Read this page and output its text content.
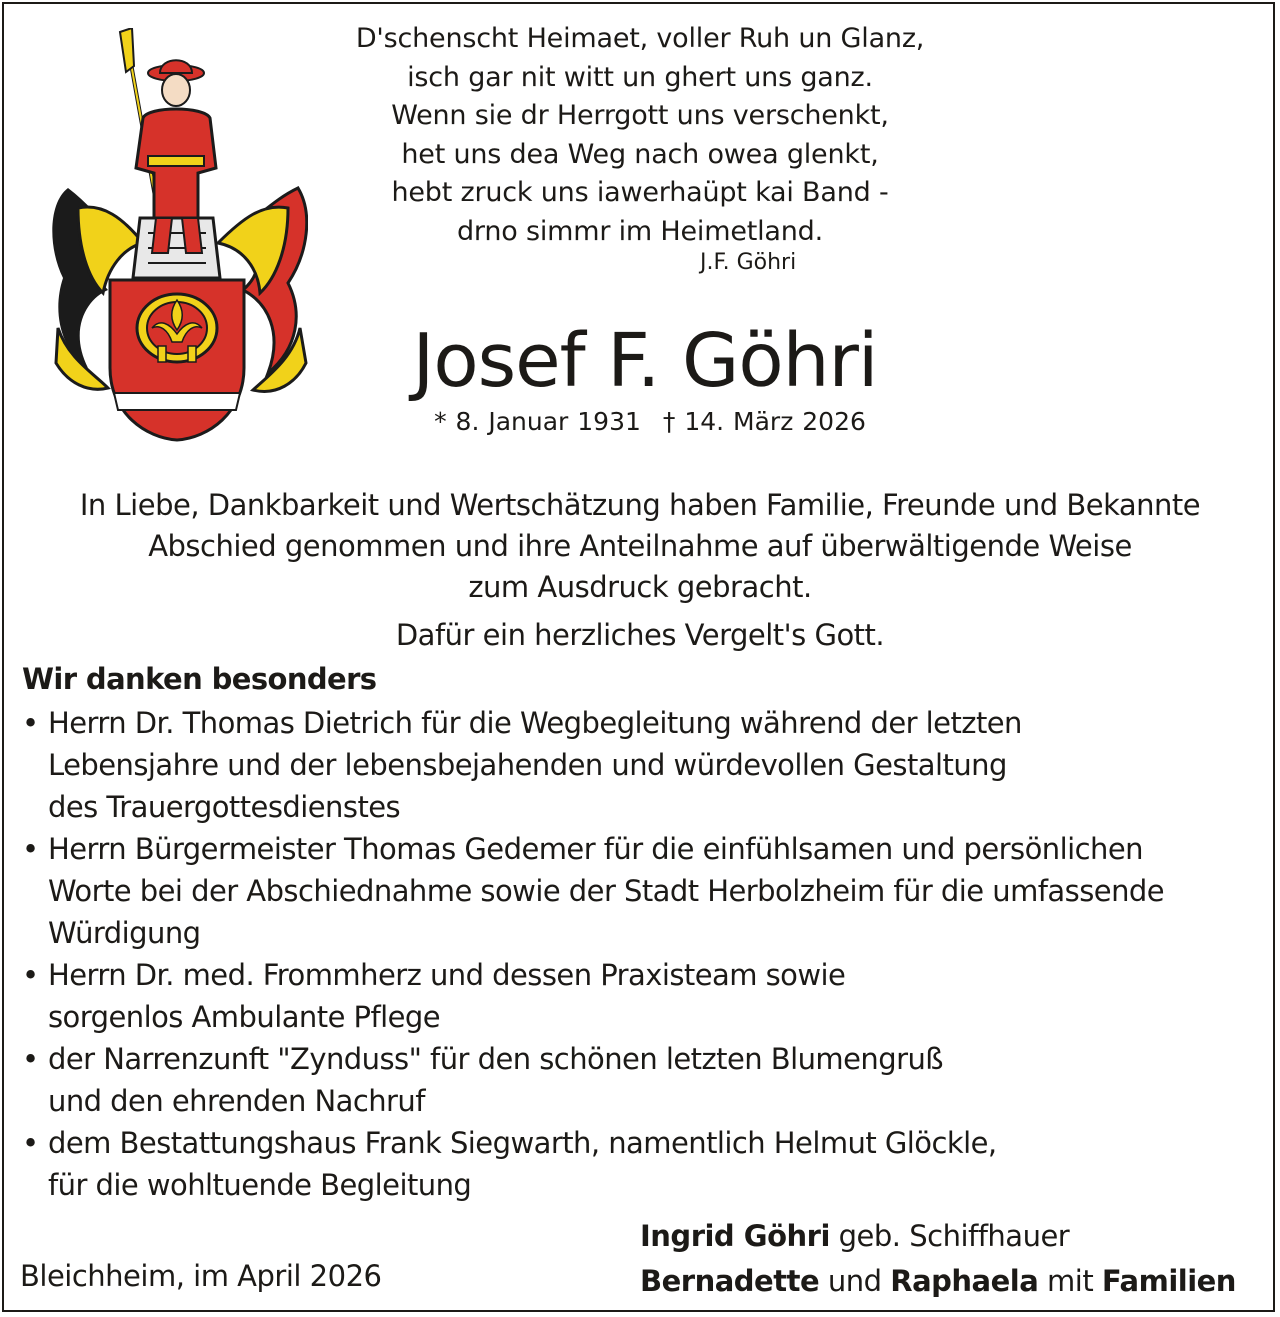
D'schenscht Heimaet, voller Ruh un Glanz,
isch gar nit witt un ghert uns ganz.
Wenn sie dr Herrgott uns verschenkt,
het uns dea Weg nach owea glenkt,
hebt zruck uns iawerhaüpt kai Band -
drno simmr im Heimetland.
J.F. Göhri
Josef F. Göhri
* 8. Januar 1931 † 14. März 2026
In Liebe, Dankbarkeit und Wertschätzung haben Familie, Freunde und Bekannte
Abschied genommen und ihre Anteilnahme auf überwältigende Weise
zum Ausdruck gebracht.
Dafür ein herzliches Vergelt's Gott.
Wir danken besonders
• Herrn Dr. Thomas Dietrich für die Wegbegleitung während der letzten
Lebensjahre und der lebensbejahenden und würdevollen Gestaltung
des Trauergottesdienstes
• Herrn Bürgermeister Thomas Gedemer für die einfühlsamen und persönlichen
Worte bei der Abschiednahme sowie der Stadt Herbolzheim für die umfassende
Würdigung
• Herrn Dr. med. Frommherz und dessen Praxisteam sowie
sorgenlos Ambulante Pflege
• der Narrenzunft "Zynduss" für den schönen letzten Blumengruß
und den ehrenden Nachruf
• dem Bestattungshaus Frank Siegwarth, namentlich Helmut Glöckle,
für die wohltuende Begleitung
Bleichheim, im April 2026
Ingrid Göhri geb. Schiffhauer
Bernadette und Raphaela mit Familien
